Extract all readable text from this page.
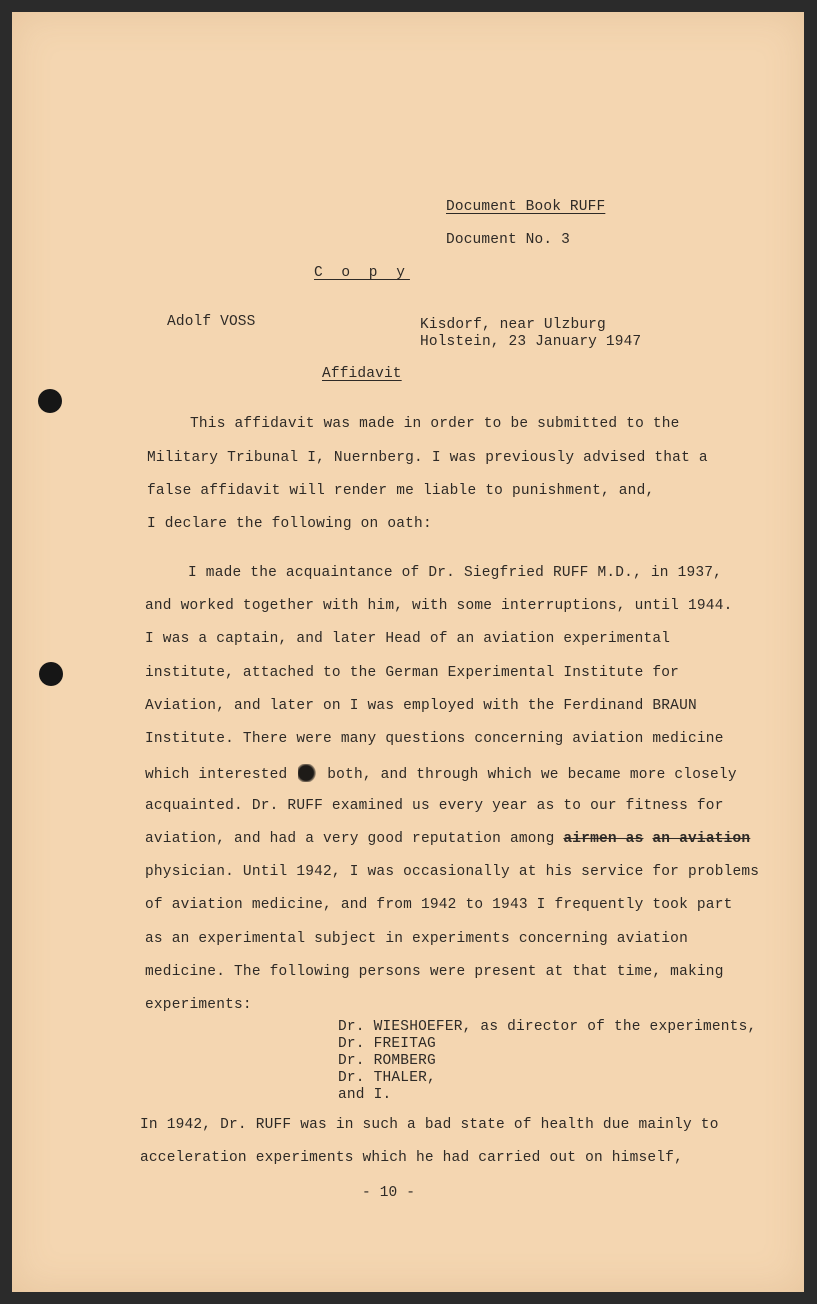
Document Book RUFF
Document No. 3
C o p y
Adolf VOSS	Kisdorf, near Ulzburg
Holstein, 23 January 1947
Affidavit
This affidavit was made in order to be submitted to the
Military Tribunal I, Nuernberg. I was previously advised that a
false affidavit will render me liable to punishment, and,
I declare the following on oath:
I made the acquaintance of Dr. Siegfried RUFF M.D., in 1937,
and worked together with him, with some interruptions, until 1944.
I was a captain, and later Head of an aviation experimental
institute, attached to the German Experimental Institute for
Aviation, and later on I was employed with the Ferdinand BRAUN
Institute. There were many questions concerning aviation medicine
which interested	both, and through which we became more closely
acquainted. Dr. RUFF examined us every year as to our fitness for
aviation, and had a very good reputation among airmen as an aviation
physician. Until 1942, I was occasionally at his service for problems
of aviation medicine, and from 1942 to 1943 I frequently took part
as an experimental subject in experiments concerning aviation
medicine. The following persons were present at that time, making
experiments:
Dr. WIESHOEFER, as director of the experiments,
Dr. FREITAG
Dr. ROMBERG
Dr. THALER,
and I.
In 1942, Dr. RUFF was in such a bad state of health due mainly to
acceleration experiments which he had carried out on himself,
- 10 -
